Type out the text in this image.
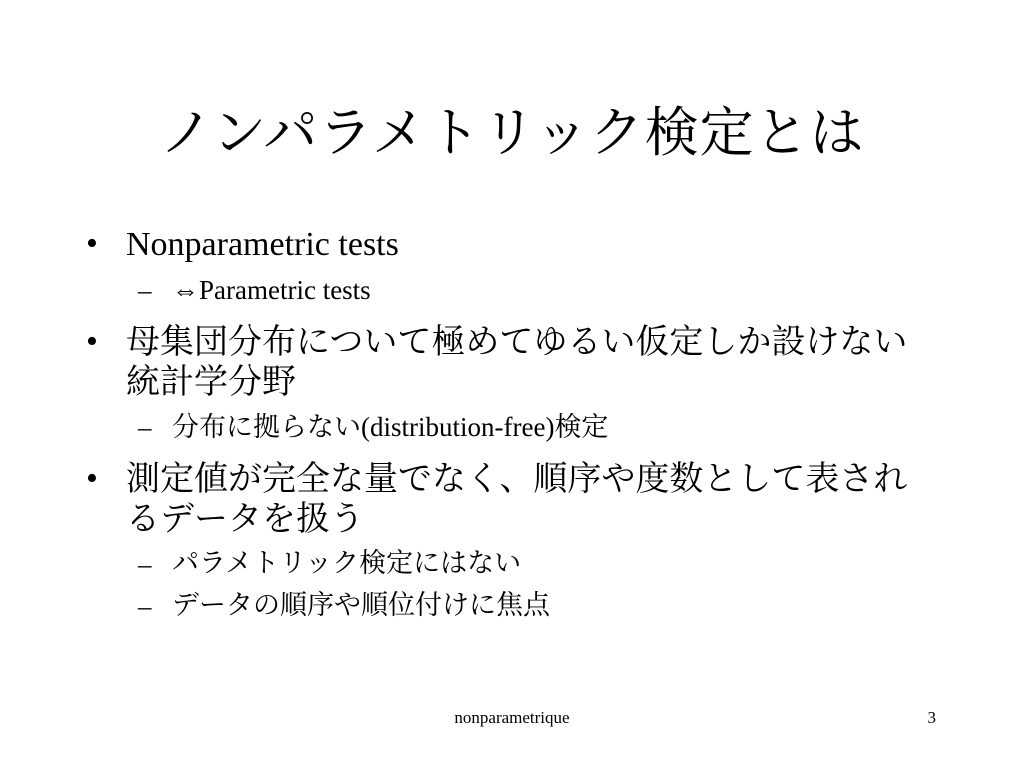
ノンパラメトリック検定とは
• Nonparametric tests
– ⇔Parametric tests
• 母集団分布について極めてゆるい仮定しか設けない統計学分野
– 分布に拠らない(distribution-free)検定
• 測定値が完全な量でなく、順序や度数として表されるデータを扱う
– パラメトリック検定にはない
– データの順序や順位付けに焦点
nonparametrique	3
